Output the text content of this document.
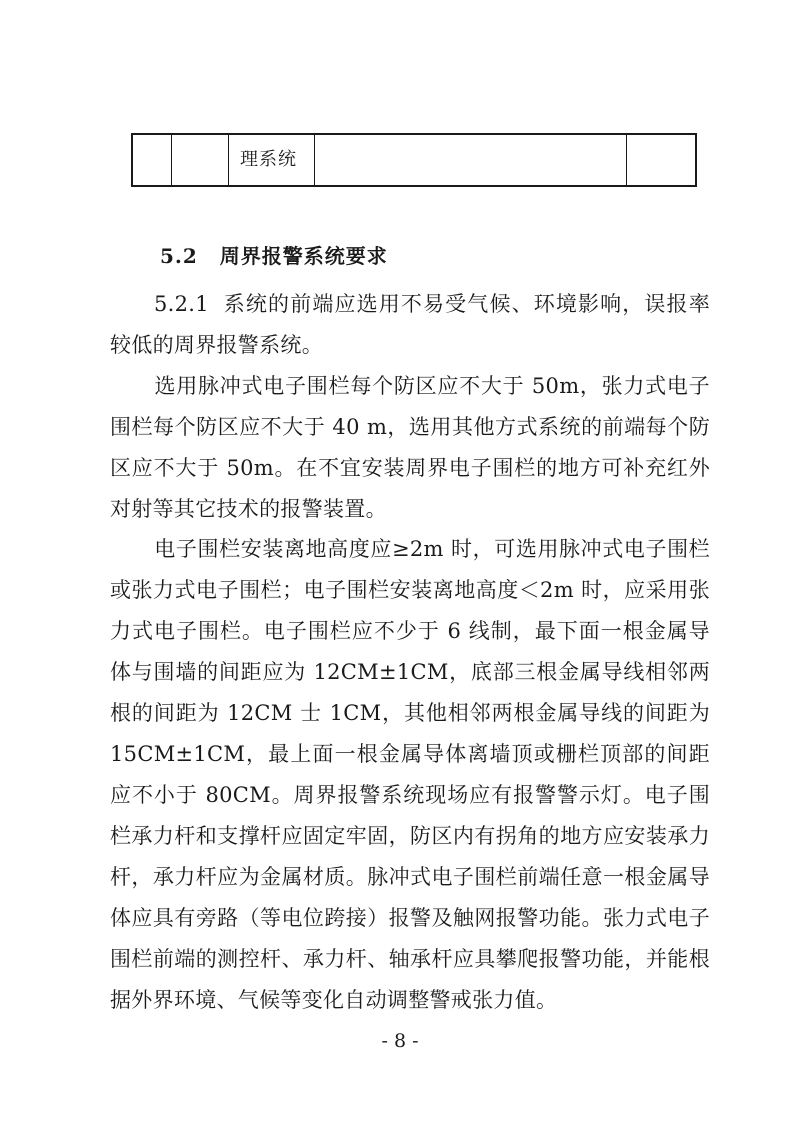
理系统
5.2 周界报警系统要求
5.2.1 系统的前端应选用不易受气候、环境影响，误报率较低的周界报警系统。
选用脉冲式电子围栏每个防区应不大于 50m，张力式电子围栏每个防区应不大于 40 m，选用其他方式系统的前端每个防区应不大于 50m。在不宜安装周界电子围栏的地方可补充红外对射等其它技术的报警装置。
电子围栏安装离地高度应≥2m 时，可选用脉冲式电子围栏或张力式电子围栏；电子围栏安装离地高度＜2m 时，应采用张力式电子围栏。电子围栏应不少于 6 线制，最下面一根金属导体与围墙的间距应为 12CM±1CM，底部三根金属导线相邻两根的间距为 12CM 士 1CM，其他相邻两根金属导线的间距为 15CM±1CM，最上面一根金属导体离墙顶或栅栏顶部的间距应不小于 80CM。周界报警系统现场应有报警警示灯。电子围栏承力杆和支撑杆应固定牢固，防区内有拐角的地方应安装承力杆，承力杆应为金属材质。脉冲式电子围栏前端任意一根金属导体应具有旁路（等电位跨接）报警及触网报警功能。张力式电子围栏前端的测控杆、承力杆、轴承杆应具攀爬报警功能，并能根据外界环境、气候等变化自动调整警戒张力值。
- 8 -
